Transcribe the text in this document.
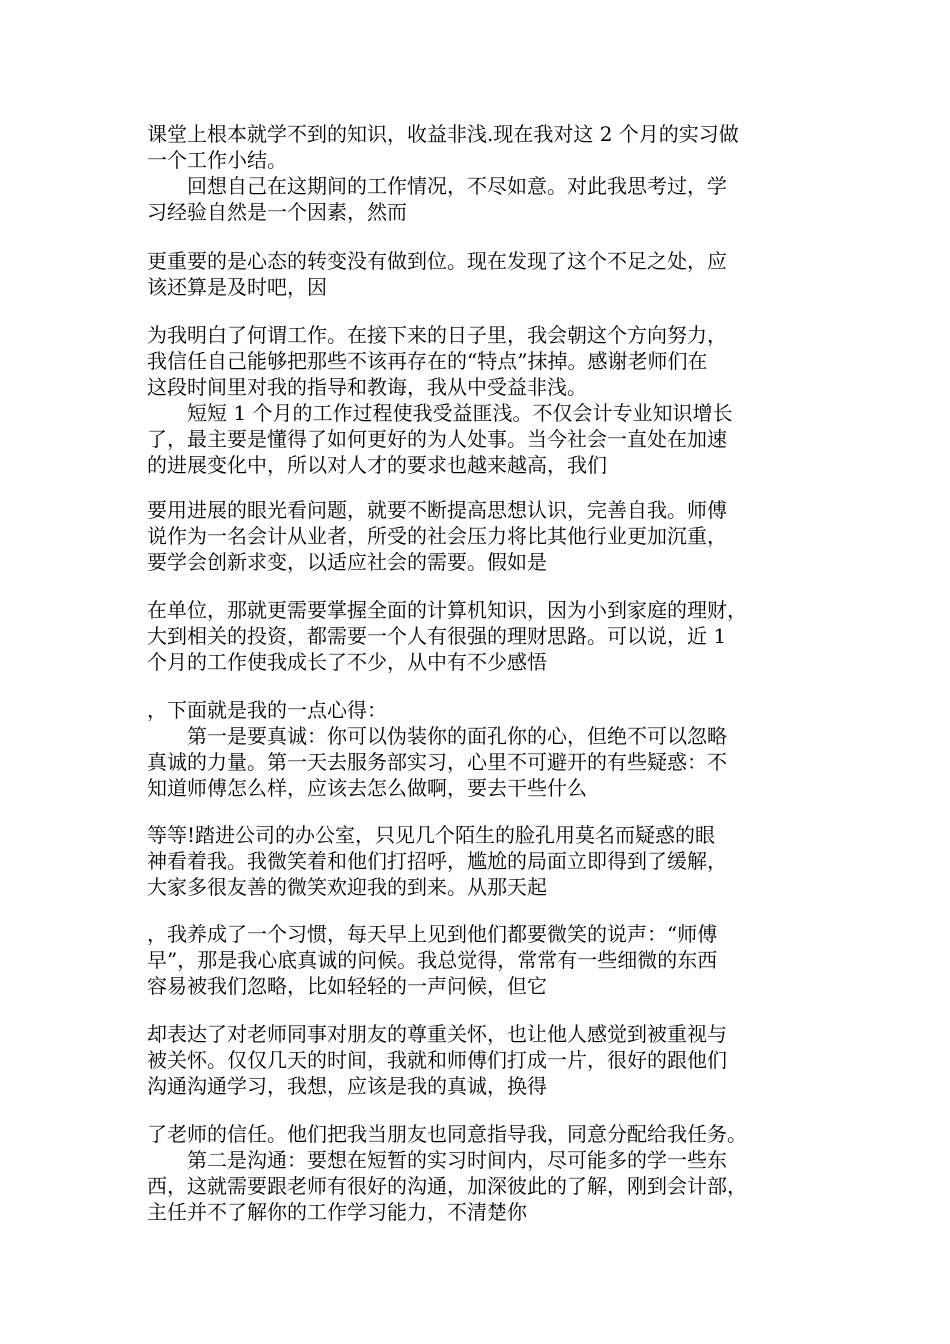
课堂上根本就学不到的知识，收益非浅.现在我对这 2 个月的实习做
一个工作小结。
　　回想自己在这期间的工作情况，不尽如意。对此我思考过，学
习经验自然是一个因素，然而
更重要的是心态的转变没有做到位。现在发现了这个不足之处，应
该还算是及时吧，因
为我明白了何谓工作。在接下来的日子里，我会朝这个方向努力，
我信任自己能够把那些不该再存在的“特点”抹掉。感谢老师们在
这段时间里对我的指导和教诲，我从中受益非浅。
　　短短 1 个月的工作过程使我受益匪浅。不仅会计专业知识增长
了，最主要是懂得了如何更好的为人处事。当今社会一直处在加速
的进展变化中，所以对人才的要求也越来越高，我们
要用进展的眼光看问题，就要不断提高思想认识，完善自我。师傅
说作为一名会计从业者，所受的社会压力将比其他行业更加沉重，
要学会创新求变，以适应社会的需要。假如是
在单位，那就更需要掌握全面的计算机知识，因为小到家庭的理财，
大到相关的投资，都需要一个人有很强的理财思路。可以说，近 1
个月的工作使我成长了不少，从中有不少感悟
，下面就是我的一点心得：
　　第一是要真诚：你可以伪装你的面孔你的心，但绝不可以忽略
真诚的力量。第一天去服务部实习，心里不可避开的有些疑惑：不
知道师傅怎么样，应该去怎么做啊，要去干些什么
等等!踏进公司的办公室，只见几个陌生的脸孔用莫名而疑惑的眼
神看着我。我微笑着和他们打招呼，尴尬的局面立即得到了缓解，
大家多很友善的微笑欢迎我的到来。从那天起
，我养成了一个习惯，每天早上见到他们都要微笑的说声：“师傅
早”，那是我心底真诚的问候。我总觉得，常常有一些细微的东西
容易被我们忽略，比如轻轻的一声问候，但它
却表达了对老师同事对朋友的尊重关怀，也让他人感觉到被重视与
被关怀。仅仅几天的时间，我就和师傅们打成一片，很好的跟他们
沟通沟通学习，我想，应该是我的真诚，换得
了老师的信任。他们把我当朋友也同意指导我，同意分配给我任务。
　　第二是沟通：要想在短暂的实习时间内，尽可能多的学一些东
西，这就需要跟老师有很好的沟通，加深彼此的了解，刚到会计部，
主任并不了解你的工作学习能力，不清楚你
